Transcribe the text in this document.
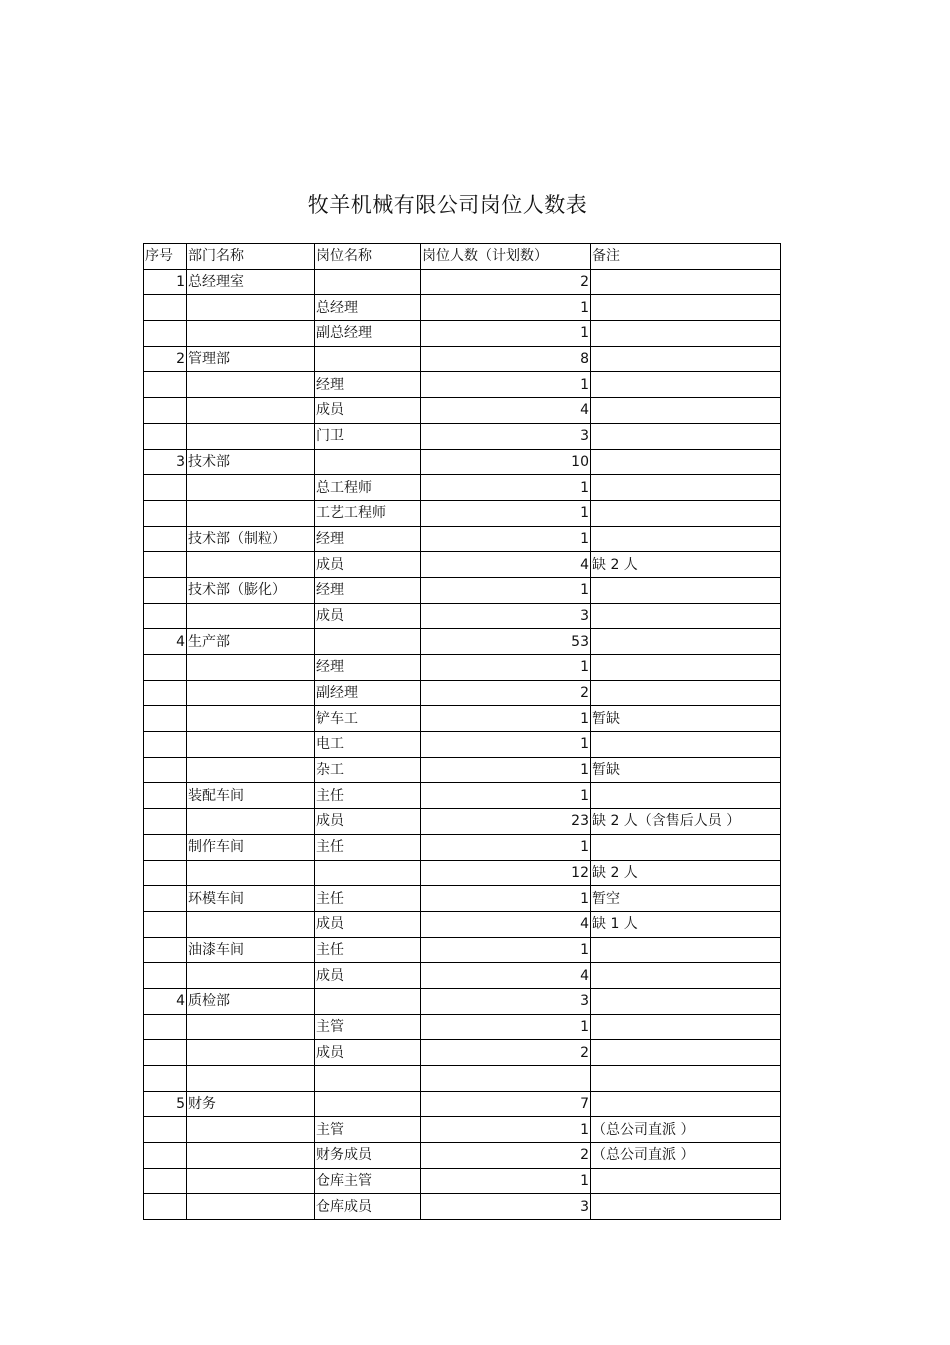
牧羊机械有限公司岗位人数表
序号	部门名称	岗位名称	岗位人数（计划数）	备注
1	总经理室		2	
		总经理	1	
		副总经理	1	
2	管理部		8	
		经理	1	
		成员	4	
		门卫	3	
3	技术部		10	
		总工程师	1	
		工艺工程师	1	
	技术部（制粒）	经理	1	
		成员	4	缺 2 人
	技术部（膨化）	经理	1	
		成员	3	
4	生产部		53	
		经理	1	
		副经理	2	
		铲车工	1	暂缺
		电工	1	
		杂工	1	暂缺
	装配车间	主任	1	
		成员	23	缺 2 人（含售后人员 ）
	制作车间	主任	1	
			12	缺 2 人
	环模车间	主任	1	暂空
		成员	4	缺 1 人
	油漆车间	主任	1	
		成员	4	
4	质检部		3	
		主管	1	
		成员	2	

5	财务		7	
		主管	1	（总公司直派 ）
		财务成员	2	（总公司直派 ）
		仓库主管	1	
		仓库成员	3	
